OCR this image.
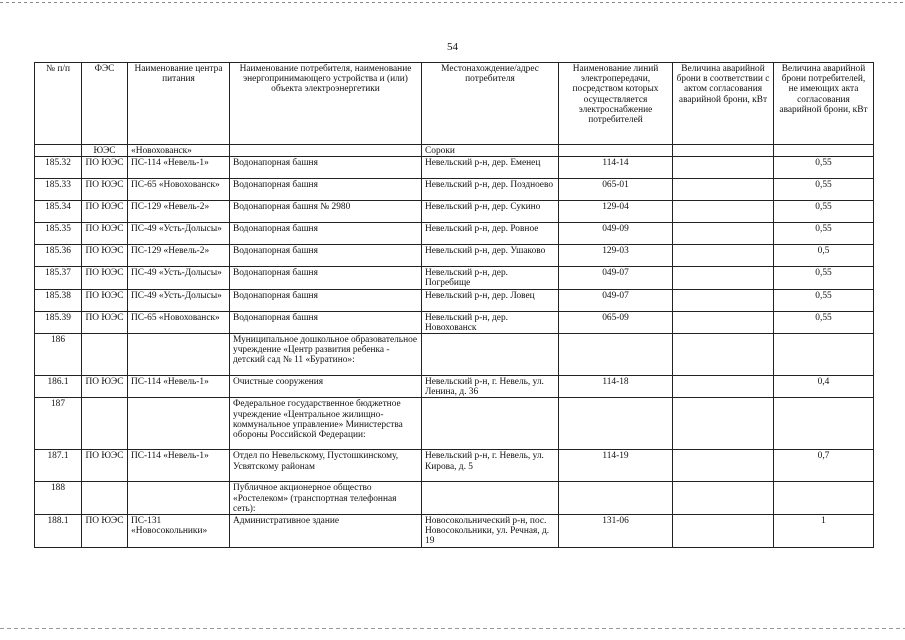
54
№ п/п	ФЭС	Наименование центра питания	Наименование потребителя, наименование энергопринимающего устройства и (или) объекта электроэнергетики	Местонахождение/адрес потребителя	Наименование линий электропередачи, посредством которых осуществляется электроснабжение потребителей	Величина аварийной брони в соответствии с актом согласования аварийной брони, кВт	Величина аварийной брони потребителей, не имеющих акта согласования аварийной брони, кВт
	ЮЭС	«Новохованск»		Сороки			
185.32	ПО ЮЭС	ПС-114 «Невель-1»	Водонапорная башня	Невельский р-н, дер. Еменец	114-14		0,55
185.33	ПО ЮЭС	ПС-65 «Новохованск»	Водонапорная башня	Невельский р-н, дер. Позднoево	065-01		0,55
185.34	ПО ЮЭС	ПС-129 «Невель-2»	Водонапорная башня № 2980	Невельский р-н, дер. Сукино	129-04		0,55
185.35	ПО ЮЭС	ПС-49 «Усть-Долысы»	Водонапорная башня	Невельский р-н, дер. Ровное	049-09		0,55
185.36	ПО ЮЭС	ПС-129 «Невель-2»	Водонапорная башня	Невельский р-н, дер. Ушаково	129-03		0,5
185.37	ПО ЮЭС	ПС-49 «Усть-Долысы»	Водонапорная башня	Невельский р-н, дер. Погребище	049-07		0,55
185.38	ПО ЮЭС	ПС-49 «Усть-Долысы»	Водонапорная башня	Невельский р-н, дер. Ловец	049-07		0,55
185.39	ПО ЮЭС	ПС-65 «Новохованск»	Водонапорная башня	Невельский р-н, дер. Новохованск	065-09		0,55
186			Муниципальное дошкольное образовательное учреждение «Центр развития ребенка - детский сад № 11 «Буратино»:				
186.1	ПО ЮЭС	ПС-114 «Невель-1»	Очистные сооружения	Невельский р-н, г. Невель, ул. Ленина, д. 36	114-18		0,4
187			Федеральное государственное бюджетное учреждение «Центральное жилищно-коммунальное управление» Министерства обороны Российской Федерации:				
187.1	ПО ЮЭС	ПС-114 «Невель-1»	Отдел по Невельскому, Пустошкинскому, Усвятскому районам	Невельский р-н, г. Невель, ул. Кирова, д. 5	114-19		0,7
188			Публичное акционерное общество «Ростелеком» (транспортная телефонная сеть):				
188.1	ПО ЮЭС	ПС-131 «Новосокольники»	Административное здание	Новосокольнический р-н, пос. Новосокольники, ул. Речная, д. 19	131-06		1
